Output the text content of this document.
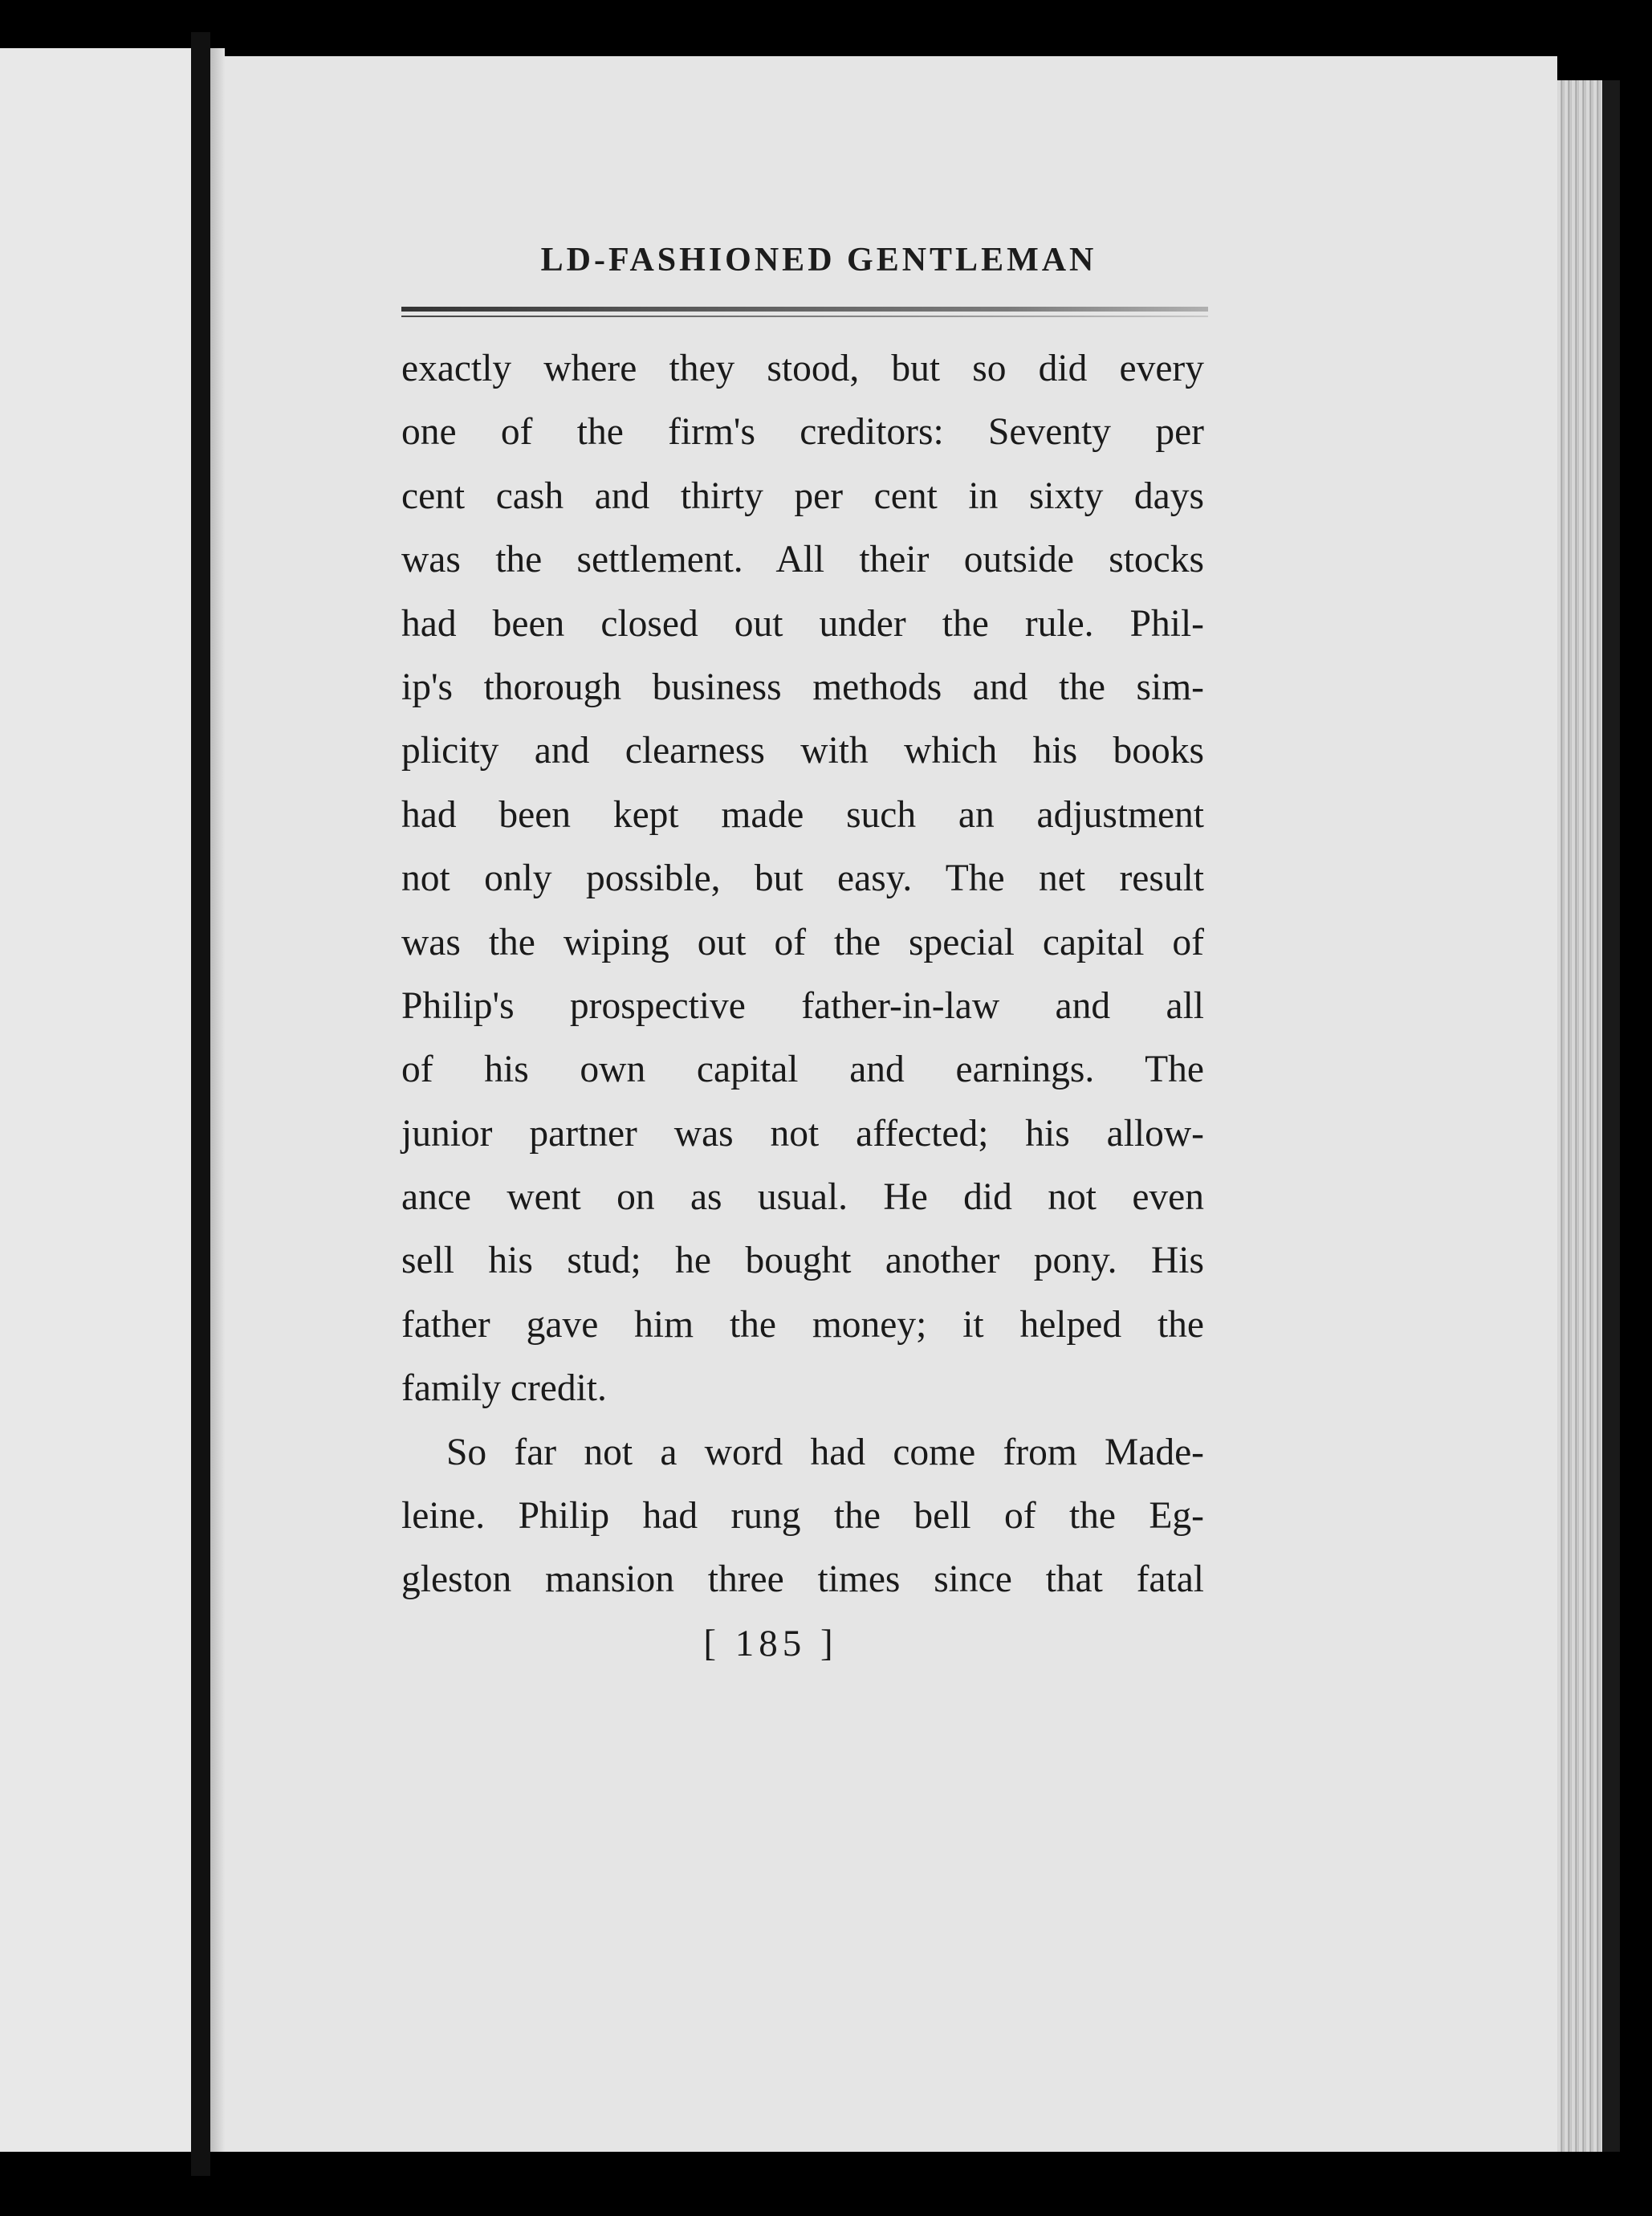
LD-FASHIONED GENTLEMAN

exactly where they stood, but so did every

one of the firm's creditors: Seventy per

cent cash and thirty per cent in sixty days

was the settlement. All their outside stocks

had been closed out under the rule. Phil-

ip's thorough business methods and the sim-

plicity and clearness with which his books

had been kept made such an adjustment

not only possible, but easy. The net result

was the wiping out of the special capital of

Philip's prospective father-in-law and all

of his own capital and earnings. The

junior partner was not affected; his allow-

ance went on as usual. He did not even

sell his stud; he bought another pony. His

father gave him the money; it helped the

family credit.

So far not a word had come from Made-

leine. Philip had rung the bell of the Eg-

gleston mansion three times since that fatal

[ 185 ]
